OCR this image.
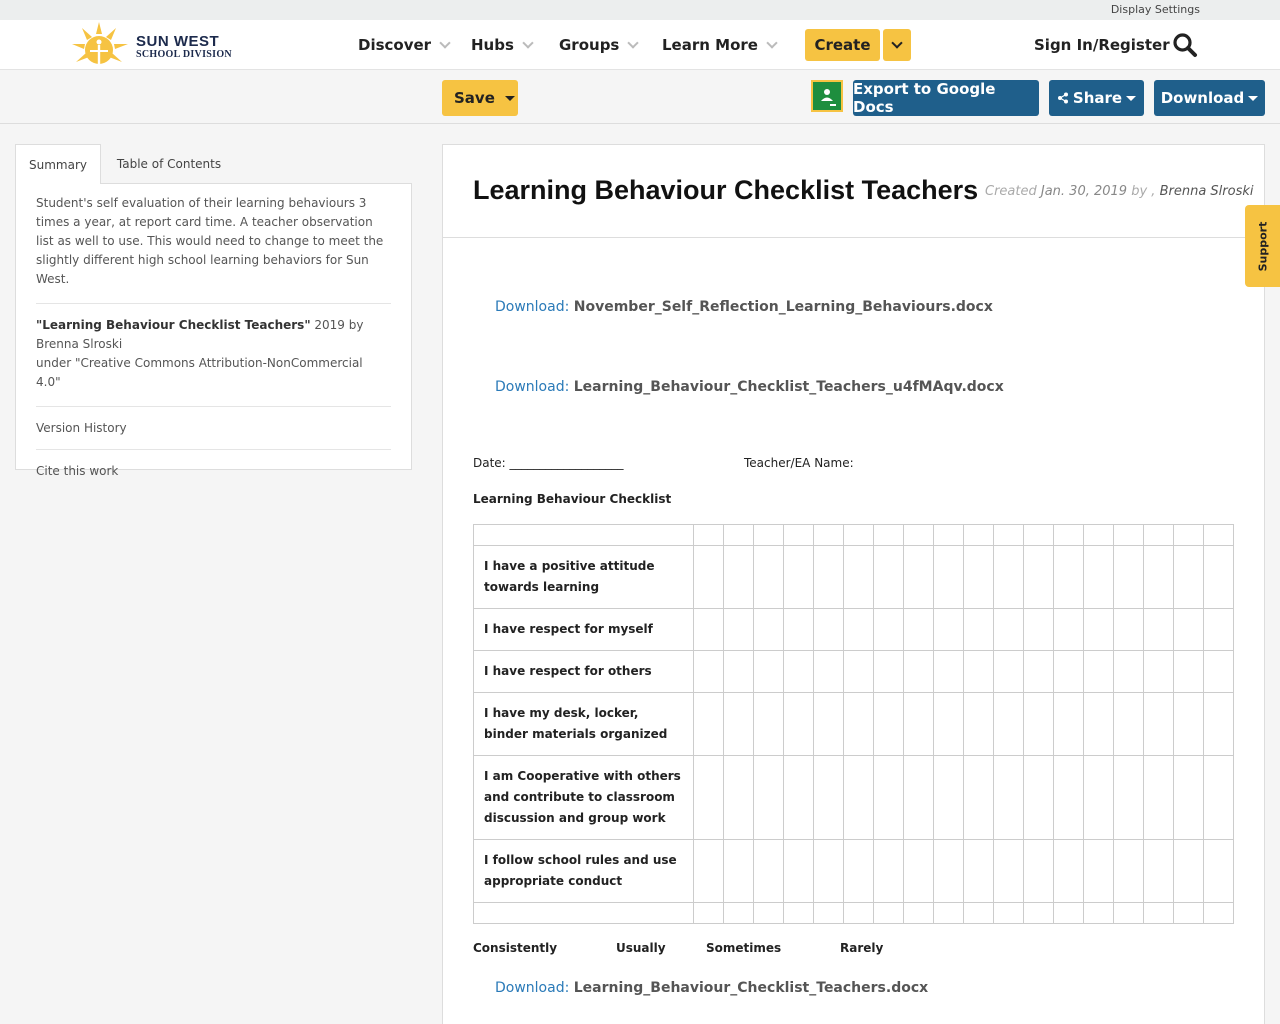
Display Settings
SUN WEST
SCHOOL DIVISION
Discover	Hubs	Groups	Learn More	Create	Sign In/Register
Save	Export to Google Docs	Share	Download
Summary	Table of Contents
Student's self evaluation of their learning behaviours 3 times a year, at report card time. A teacher observation list as well to use. This would need to change to meet the slightly different high school learning behaviors for Sun West.
"Learning Behaviour Checklist Teachers" 2019 by Brenna Slroski
under "Creative Commons Attribution-NonCommercial 4.0"
Version History
Cite this work
Learning Behaviour Checklist Teachers Created Jan. 30, 2019 by , Brenna Slroski
Download: November_Self_Reflection_Learning_Behaviours.docx
Download: Learning_Behaviour_Checklist_Teachers_u4fMAqv.docx
Date: ___________________	Teacher/EA Name:
Learning Behaviour Checklist

I have a positive attitude towards learning																		
I have respect for myself																		
I have respect for others																		
I have my desk, locker, binder materials organized																		
I am Cooperative with others and contribute to classroom discussion and group work																		
I follow school rules and use appropriate conduct																		

Consistently	Usually	Sometimes	Rarely
Download: Learning_Behaviour_Checklist_Teachers.docx
Support
